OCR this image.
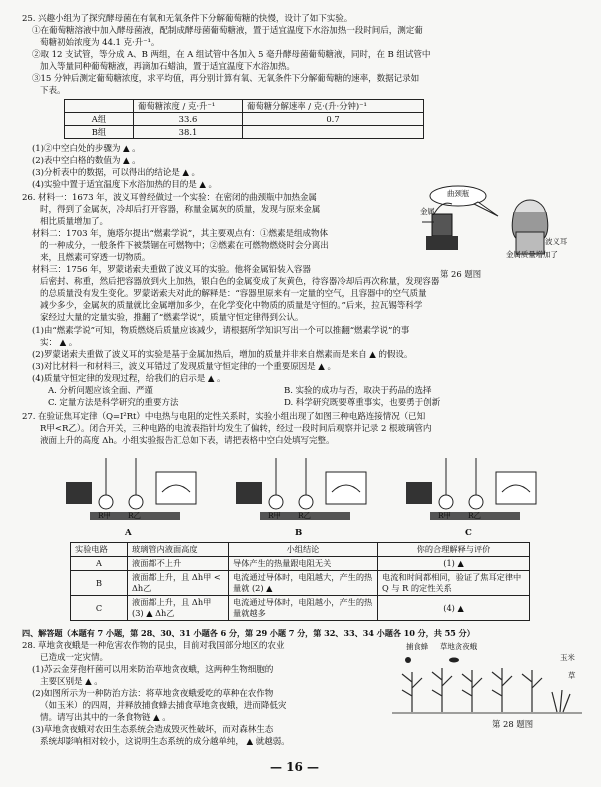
25. 兴趣小组为了探究酵母菌在有氧和无氧条件下分解葡萄糖的快慢，设计了如下实验。
①在葡萄糖溶液中加入酵母菌液，配制成酵母菌葡萄糖液，置于适宜温度下水浴加热一段时间后，测定葡
萄糖初始浓度为 44.1 克·升⁻¹。
②取 12 支试管，等分成 A、B 两组，在 A 组试管中各加入 5 毫升酵母菌葡萄糖液，同时，在 B 组试管中
加入等量同种葡萄糖液，再滴加石蜡油，置于适宜温度下水浴加热。
③15 分钟后测定葡萄糖浓度，求平均值，再分别计算有氧、无氧条件下分解葡萄糖的速率，数据记录如
下表。
	葡萄糖浓度 / 克·升⁻¹	葡萄糖分解速率 / 克·(升·分钟)⁻¹
A组	33.6	0.7
B组	38.1	
(1)②中空白处的步骤为 ▲ 。
(2)表中空白格的数值为 ▲ 。
(3)分析表中的数据，可以得出的结论是 ▲ 。
(4)实验中置于适宜温度下水浴加热的目的是 ▲ 。
26. 材料一：1673 年，波义耳曾经做过一个实验：在密闭的曲颈瓶中加热金属
时，得到了金属灰，冷却后打开容器，称量金属灰的质量，发现与原来金属
相比质量增加了。
材料二：1703 年，施塔尔提出“燃素学说”，其主要观点有：①燃素是组成物体
的一种成分，一般条件下被禁锢在可燃物中；②燃素在可燃物燃烧时会分离出
来，且燃素可穿透一切物质。
材料三：1756 年，罗蒙诺索夫重做了波义耳的实验。他将金属铅装入容器
后密封、称重，然后把容器放到火上加热，银白色的金属变成了灰黄色，待容器冷却后再次称量，发现容器
的总质量没有发生变化。罗蒙诺索夫对此的解释是：“容器里原来有一定量的空气，且容器中的空气质量
减少多少，金属灰的质量就比金属增加多少，在化学变化中物质的质量是守恒的。”后来，拉瓦锡等科学
家经过大量的定量实验，推翻了“燃素学说”，质量守恒定律得到公认。
曲颈瓶
金属
波义耳
金属质量增加了
第 26 题图
(1)由“燃素学说”可知，物质燃烧后质量应该减少，请根据所学知识写出一个可以推翻“燃素学说”的事
实： ▲ 。
(2)罗蒙诺索夫重做了波义耳的实验是基于金属加热后，增加的质量并非来自燃素而是来自 ▲ 的假设。
(3)对比材料一和材料三，波义耳错过了发现质量守恒定律的一个重要原因是 ▲ 。
(4)质量守恒定律的发现过程，给我们的启示是 ▲ 。
A. 分析问题应该全面、严谨	B. 实验的成功与否，取决于药品的选择
C. 定量方法是科学研究的重要方法	D. 科学研究既要尊重事实，也要勇于创新
27. 在验证焦耳定律（Q=I²Rt）中电热与电阻的定性关系时，实验小组出现了如图三种电路连接情况（已知
R甲<R乙）。闭合开关，三种电路的电流表指针均发生了偏转，经过一段时间后观察并记录 2 根玻璃管内
液面上升的高度 Δh。小组实验报告汇总如下表，请把表格中空白处填写完整。
R甲 R乙	R甲 R乙	R甲 R乙
A	B	C
实验电路	玻璃管内液面高度	小组结论	你的合理解释与评价
A	液面都不上升	导体产生的热量跟电阻无关	(1) ▲
B	液面都上升，且 Δh甲 < Δh乙	电流通过导体时，电阻越大，产生的热量就 (2) ▲	电流和时间都相同，验证了焦耳定律中 Q 与 R 的定性关系
C	液面都上升，且 Δh甲 (3) ▲ Δh乙	电流通过导体时，电阻越小，产生的热量就越多	(4) ▲
四、解答题（本题有 7 小题，第 28、30、31 小题各 6 分，第 29 小题 7 分，第 32、33、34 小题各 10 分，共 55 分）
28. 草地贪夜蛾是一种危害农作物的昆虫，目前对我国部分地区的农业
已造成一定灾情。
(1)苏云金芽孢杆菌可以用来防治草地贪夜蛾，这两种生物细胞的
主要区别是 ▲ 。
(2)如图所示为一种防治方法：将草地贪夜蛾爱吃的草种在农作物
（如玉米）的四周，并释放捕食蜂去捕食草地贪夜蛾，进而降低灾
情。请写出其中的一条食物链 ▲ 。
(3)草地贪夜蛾对农田生态系统会造成毁灭性破坏，而对森林生态
系统却影响相对较小，这说明生态系统的成分越单纯， ▲ 就越弱。
捕食蜂 草地贪夜蛾
玉米
草
第 28 题图
— 16 —
